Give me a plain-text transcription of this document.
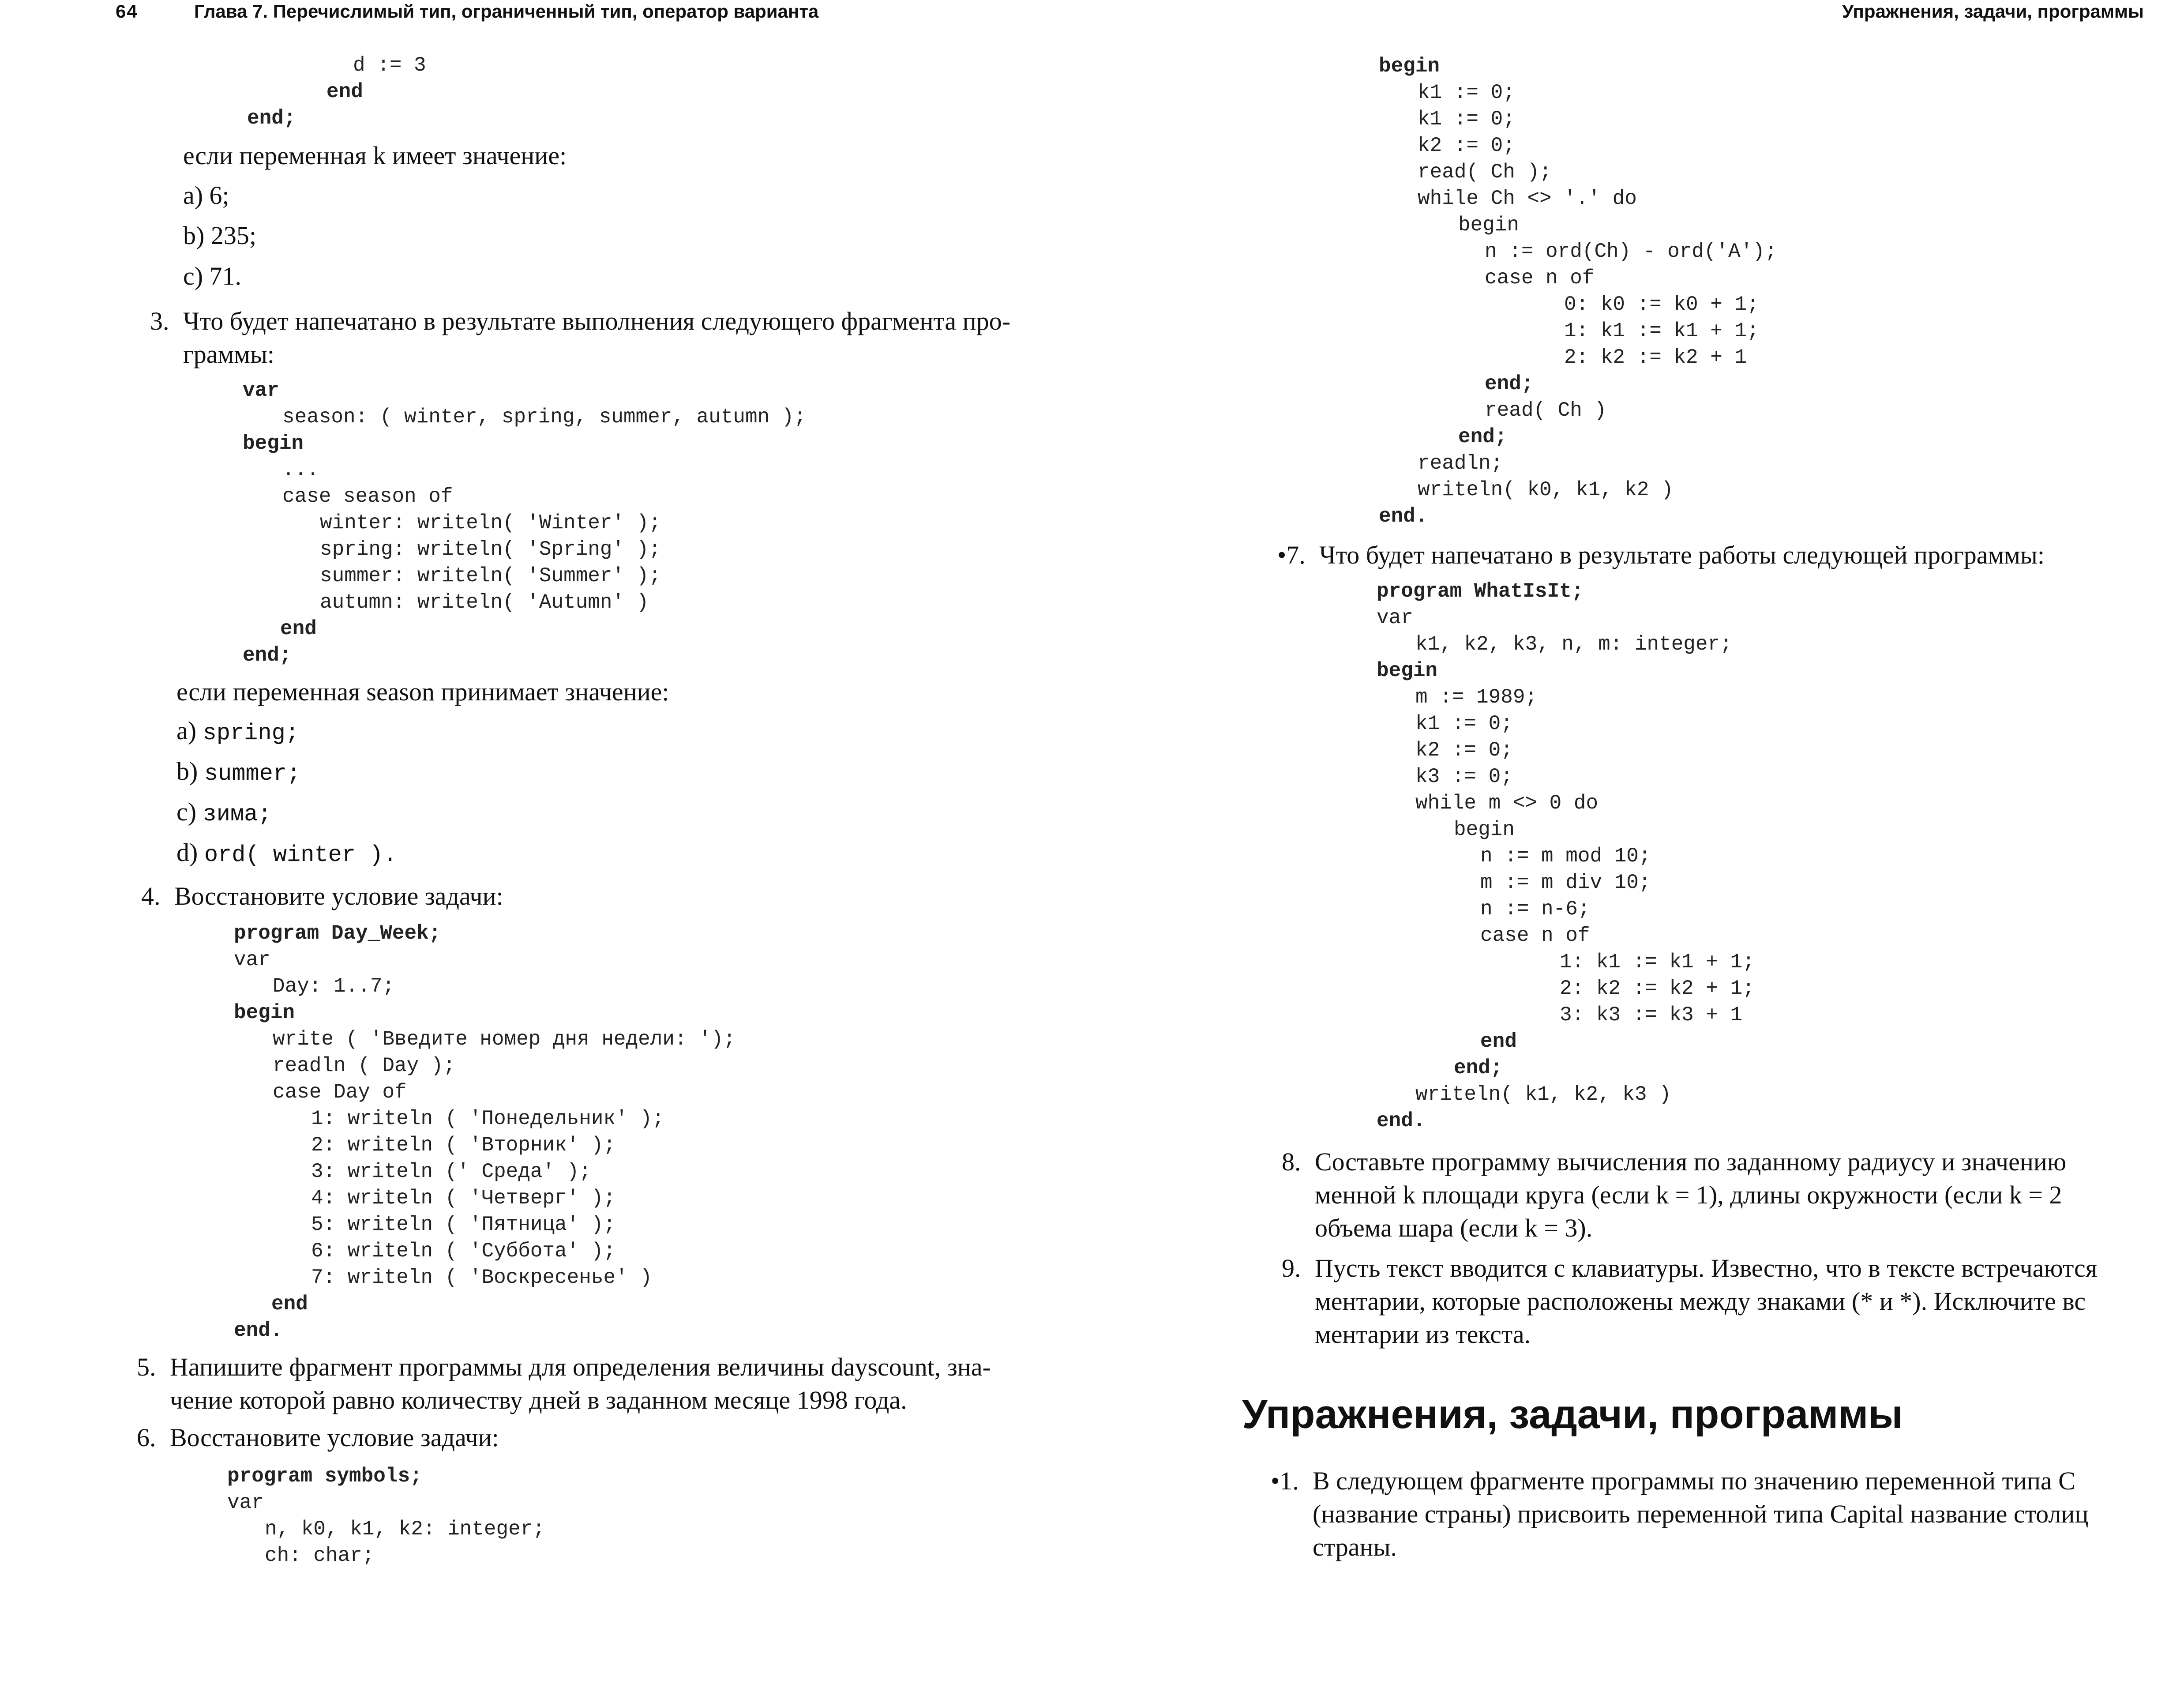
64	Глава 7. Перечислимый тип, ограниченный тип, оператор варианта
d := 3
end
end;
если переменная k имеет значение:
a) 6;
b) 235;
c) 71.
3. Что будет напечатано в результате выполнения следующего фрагмента про-
граммы:
var
season: ( winter, spring, summer, autumn );
begin
...
case season of
winter: writeln( 'Winter' );
spring: writeln( 'Spring' );
summer: writeln( 'Summer' );
autumn: writeln( 'Autumn' )
end
end;
если переменная season принимает значение:
a) spring;
b) summer;
c) зима;
d) ord( winter ).
4. Восстановите условие задачи:
program Day_Week;
var
Day: 1..7;
begin
write ( 'Введите номер дня недели: ');
readln ( Day );
case Day of
1: writeln ( 'Понедельник' );
2: writeln ( 'Вторник' );
3: writeln (' Среда' );
4: writeln ( 'Четверг' );
5: writeln ( 'Пятница' );
6: writeln ( 'Суббота' );
7: writeln ( 'Воскресенье' )
end
end.
5. Напишите фрагмент программы для определения величины dayscount, зна-
чение которой равно количеству дней в заданном месяце 1998 года.
6. Восстановите условие задачи:
program symbols;
var
n, k0, k1, k2: integer;
ch: char;
Упражнения, задачи, программы
begin
k1 := 0;
k1 := 0;
k2 := 0;
read( Ch );
while Ch <> '.' do
begin
n := ord(Ch) - ord('A');
case n of
0: k0 := k0 + 1;
1: k1 := k1 + 1;
2: k2 := k2 + 1
end;
read( Ch )
end;
readln;
writeln( k0, k1, k2 )
end.
•7. Что будет напечатано в результате работы следующей программы:
program WhatIsIt;
var
k1, k2, k3, n, m: integer;
begin
m := 1989;
k1 := 0;
k2 := 0;
k3 := 0;
while m <> 0 do
begin
n := m mod 10;
m := m div 10;
n := n-6;
case n of
1: k1 := k1 + 1;
2: k2 := k2 + 1;
3: k3 := k3 + 1
end
end;
writeln( k1, k2, k3 )
end.
8. Составьте программу вычисления по заданному радиусу и значению
менной k площади круга (если k = 1), длины окружности (если k = 2
объема шара (если k = 3).
9. Пусть текст вводится с клавиатуры. Известно, что в тексте встречаются
ментарии, которые расположены между знаками (* и *). Исключите вс
ментарии из текста.
Упражнения, задачи, программы
•1. В следующем фрагменте программы по значению переменной типа C
(название страны) присвоить переменной типа Capital название столиц
страны.
